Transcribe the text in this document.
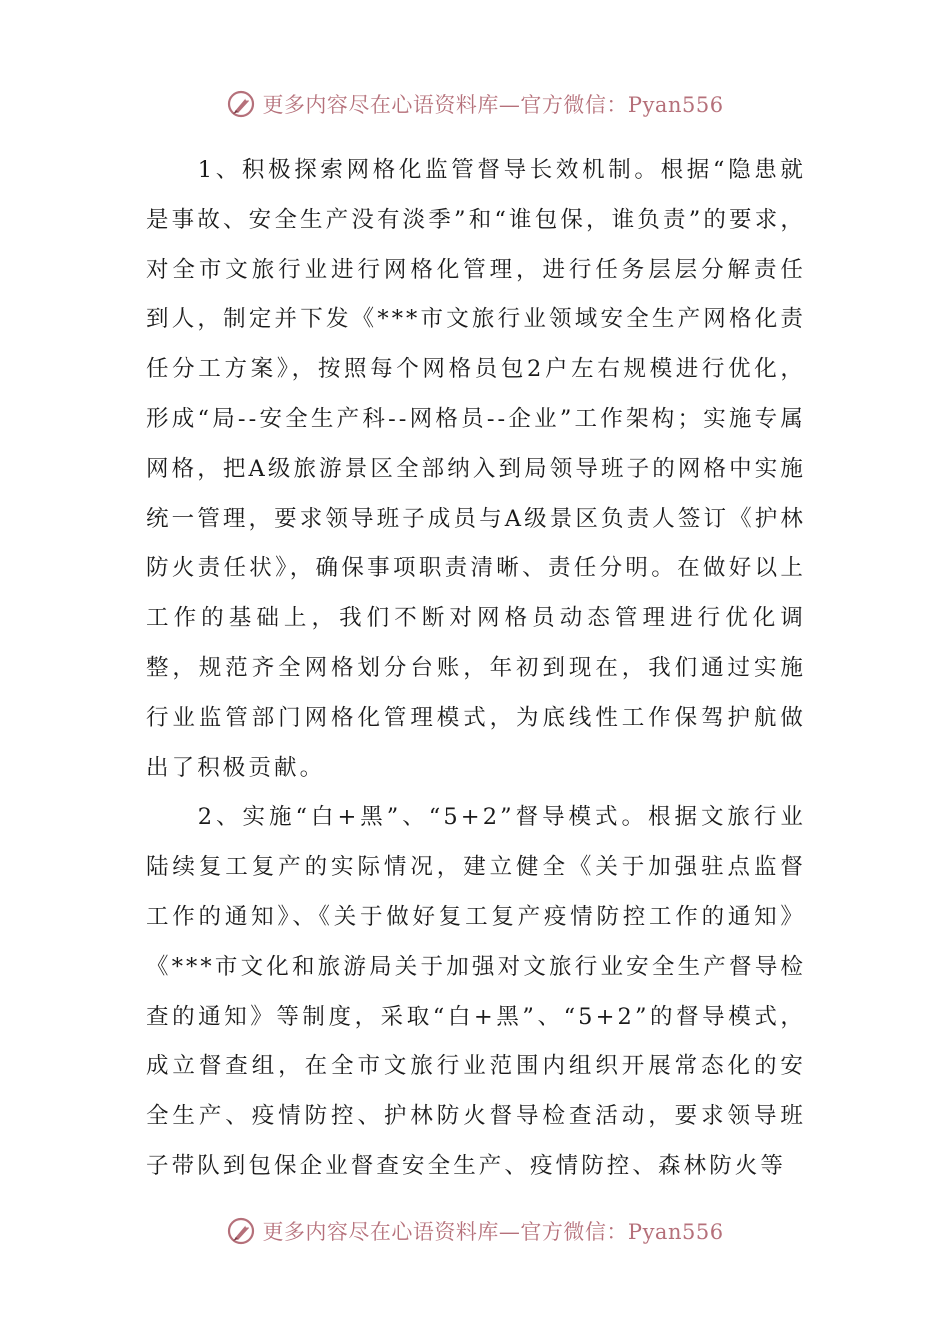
更多内容尽在心语资料库—官方微信：Pyan556

1、积极探索网格化监管督导长效机制。根据“隐患就是事故、安全生产没有淡季”和“谁包保，谁负责”的要求，对全市文旅行业进行网格化管理，进行任务层层分解责任到人，制定并下发《***市文旅行业领域安全生产网格化责任分工方案》，按照每个网格员包2户左右规模进行优化，形成“局--安全生产科--网格员--企业”工作架构；实施专属网格，把A级旅游景区全部纳入到局领导班子的网格中实施统一管理，要求领导班子成员与A级景区负责人签订《护林防火责任状》，确保事项职责清晰、责任分明。在做好以上工作的基础上，我们不断对网格员动态管理进行优化调整，规范齐全网格划分台账，年初到现在，我们通过实施行业监管部门网格化管理模式，为底线性工作保驾护航做出了积极贡献。

2、实施“白+黑”、“5+2”督导模式。根据文旅行业陆续复工复产的实际情况，建立健全《关于加强驻点监督工作的通知》、《关于做好复工复产疫情防控工作的通知》《***市文化和旅游局关于加强对文旅行业安全生产督导检查的通知》等制度，采取“白+黑”、“5+2”的督导模式，成立督查组，在全市文旅行业范围内组织开展常态化的安全生产、疫情防控、护林防火督导检查活动，要求领导班子带队到包保企业督查安全生产、疫情防控、森林防火等

更多内容尽在心语资料库—官方微信：Pyan556
